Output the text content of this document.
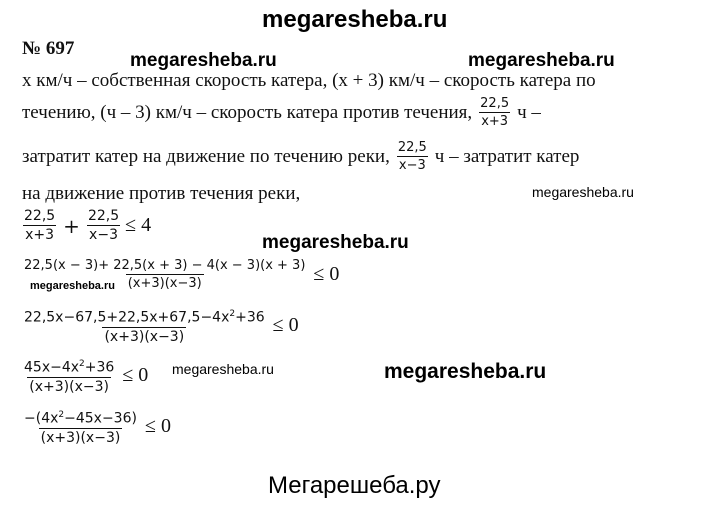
megaresheba.ru
megaresheba.ru	megaresheba.ru
megaresheba.ru
megaresheba.ru
megaresheba.ru
megaresheba.ru	megaresheba.ru
Мегарешеба.ру
№ 697
х км/ч – собственная скорость катера, (х + 3) км/ч – скорость катера по
течению, (ч – 3) км/ч – скорость катера против течения, $\frac{22,5}{x+3}$ ч –
затратит катер на движение по течению реки, $\frac{22,5}{x-3}$ ч – затратит катер
на движение против течения реки,
$\frac{22,5}{x+3} + \frac{22,5}{x-3} \le 4$
$\frac{22,5(x - 3)+ 22,5(x + 3) - 4(x - 3)(x + 3)}{(x+3)(x-3)} \le 0$
$\frac{22,5x-67,5+22,5x+67,5-4x^2+36}{(x+3)(x-3)} \le 0$
$\frac{45x-4x^2+36}{(x+3)(x-3)} \le 0$
$\frac{-(4x^2-45x-36)}{(x+3)(x-3)} \le 0$
